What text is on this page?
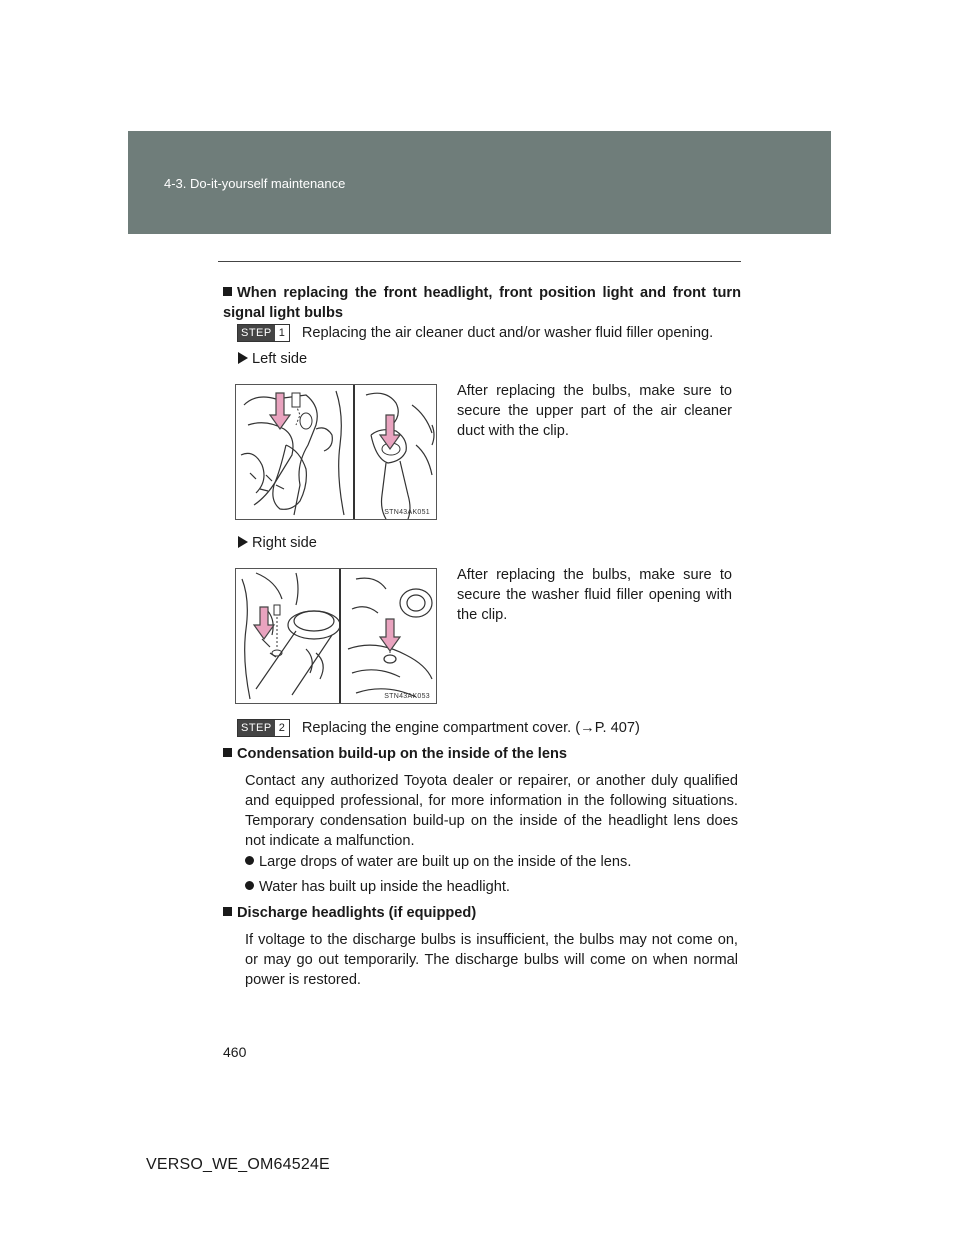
4-3. Do-it-yourself maintenance
When replacing the front headlight, front position light and front turn signal light bulbs
STEP 1 Replacing the air cleaner duct and/or washer fluid filler opening.
Left side
STN43AK051
After replacing the bulbs, make sure to secure the upper part of the air cleaner duct with the clip.
Right side
STN43AK053
After replacing the bulbs, make sure to secure the washer fluid filler opening with the clip.
STEP 2 Replacing the engine compartment cover. (→P. 407)
Condensation build-up on the inside of the lens
Contact any authorized Toyota dealer or repairer, or another duly qualified and equipped professional, for more information in the following situations. Temporary condensation build-up on the inside of the headlight lens does not indicate a malfunction.
Large drops of water are built up on the inside of the lens.
Water has built up inside the headlight.
Discharge headlights (if equipped)
If voltage to the discharge bulbs is insufficient, the bulbs may not come on, or may go out temporarily. The discharge bulbs will come on when normal power is restored.
460
VERSO_WE_OM64524E
